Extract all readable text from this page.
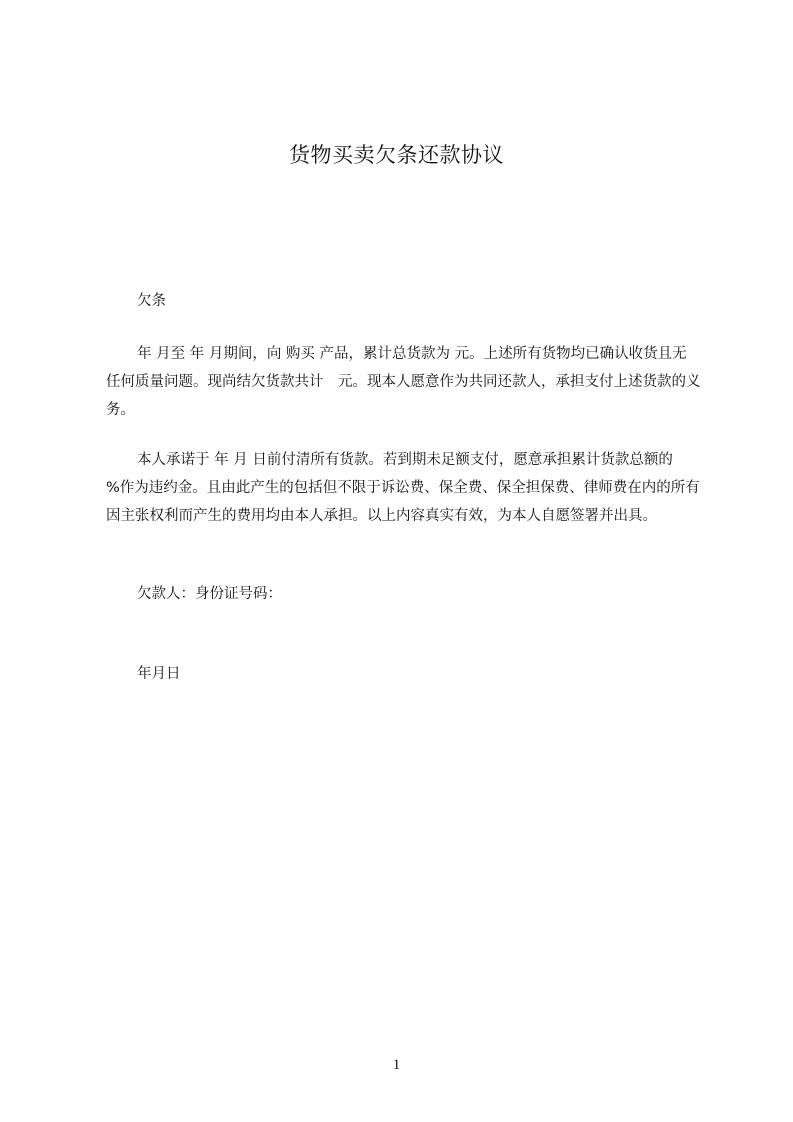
货物买卖欠条还款协议
欠条

年 月至 年 月期间，向 购买 产品，累计总货款为 元。上述所有货物均已确认收货且无任何质量问题。现尚结欠货款共计　元。现本人愿意作为共同还款人，承担支付上述货款的义务。

本人承诺于 年 月 日前付清所有货款。若到期未足额支付，愿意承担累计货款总额的　%作为违约金。且由此产生的包括但不限于诉讼费、保全费、保全担保费、律师费在内的所有因主张权利而产生的费用均由本人承担。以上内容真实有效，为本人自愿签署并出具。

欠款人：身份证号码：
年月日
1
